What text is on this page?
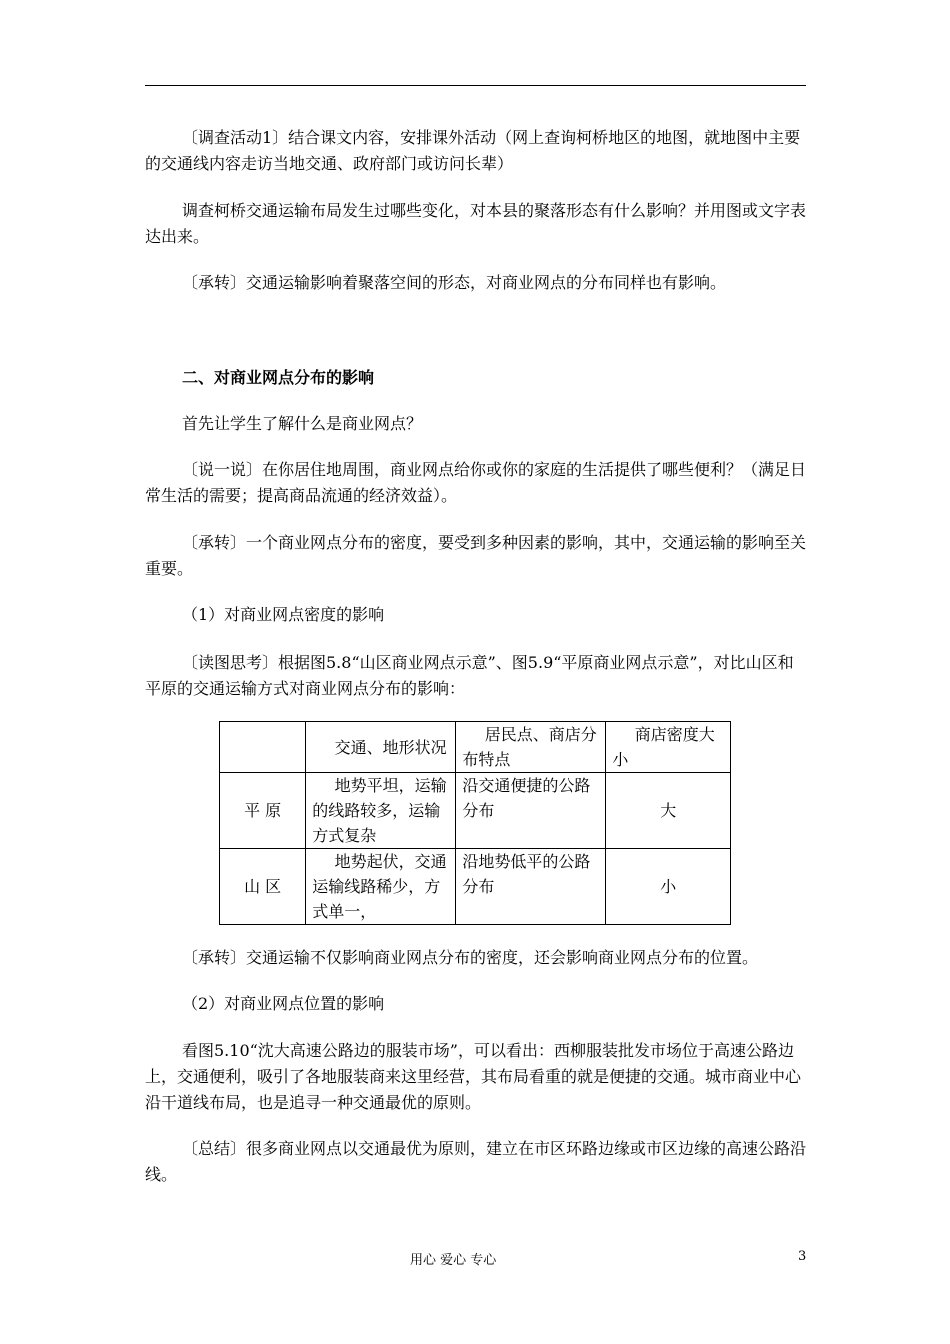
〔调查活动1〕结合课文内容，安排课外活动（网上查询柯桥地区的地图，就地图中主要的交通线内容走访当地交通、政府部门或访问长辈）

调查柯桥交通运输布局发生过哪些变化，对本县的聚落形态有什么影响？并用图或文字表达出来。

〔承转〕交通运输影响着聚落空间的形态，对商业网点的分布同样也有影响。

二、对商业网点分布的影响

首先让学生了解什么是商业网点？

〔说一说〕在你居住地周围，商业网点给你或你的家庭的生活提供了哪些便利？（满足日常生活的需要；提高商品流通的经济效益）。

〔承转〕一个商业网点分布的密度，要受到多种因素的影响，其中，交通运输的影响至关重要。

（1）对商业网点密度的影响

〔读图思考〕根据图5.8“山区商业网点示意”、图5.9“平原商业网点示意”，对比山区和平原的交通运输方式对商业网点分布的影响：

	交通、地形状况	居民点、商店分布特点	商店密度大小
平 原	地势平坦，运输的线路较多，运输方式复杂	沿交通便捷的公路分布	大
山 区	地势起伏，交通运输线路稀少，方式单一，	沿地势低平的公路分布	小

〔承转〕交通运输不仅影响商业网点分布的密度，还会影响商业网点分布的位置。

（2）对商业网点位置的影响

看图5.10“沈大高速公路边的服装市场”，可以看出：西柳服装批发市场位于高速公路边上，交通便利，吸引了各地服装商来这里经营，其布局看重的就是便捷的交通。城市商业中心沿干道线布局，也是追寻一种交通最优的原则。

〔总结〕很多商业网点以交通最优为原则，建立在市区环路边缘或市区边缘的高速公路沿线。

用心 爱心 专心	3
